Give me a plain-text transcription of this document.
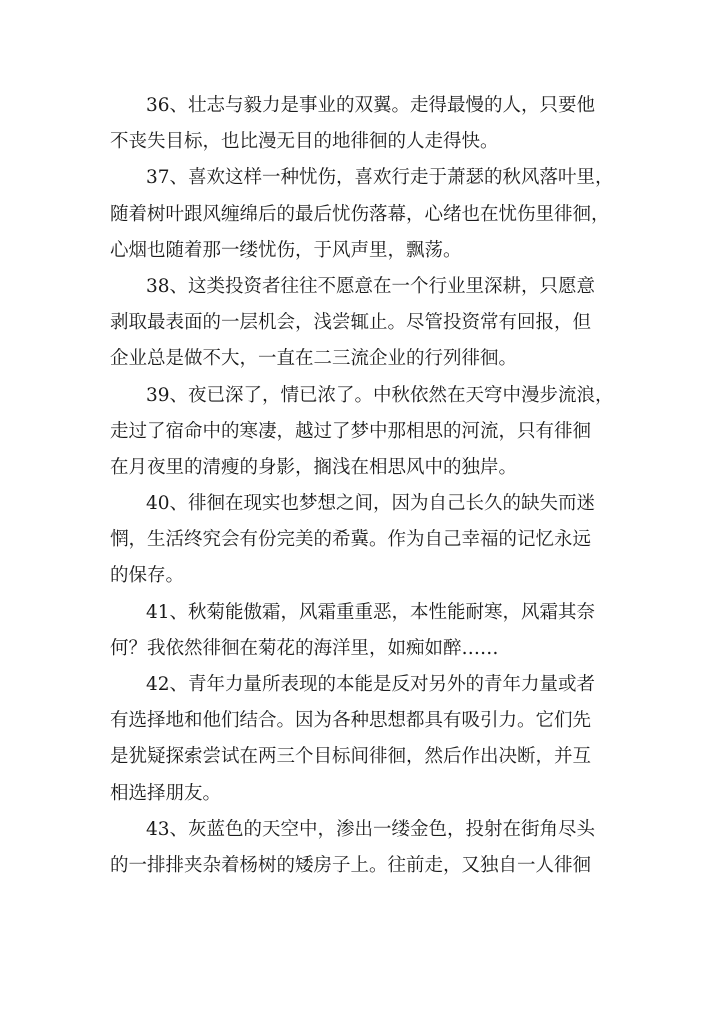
36、壮志与毅力是事业的双翼。走得最慢的人，只要他
不丧失目标，也比漫无目的地徘徊的人走得快。
37、喜欢这样一种忧伤，喜欢行走于萧瑟的秋风落叶里，
随着树叶跟风缠绵后的最后忧伤落幕，心绪也在忧伤里徘徊，
心烟也随着那一缕忧伤，于风声里，飘荡。
38、这类投资者往往不愿意在一个行业里深耕，只愿意
剥取最表面的一层机会，浅尝辄止。尽管投资常有回报，但
企业总是做不大，一直在二三流企业的行列徘徊。
39、夜已深了，情已浓了。中秋依然在天穹中漫步流浪，
走过了宿命中的寒凄，越过了梦中那相思的河流，只有徘徊
在月夜里的清瘦的身影，搁浅在相思风中的独岸。
40、徘徊在现实也梦想之间，因为自己长久的缺失而迷
惘，生活终究会有份完美的希冀。作为自己幸福的记忆永远
的保存。
41、秋菊能傲霜，风霜重重恶，本性能耐寒，风霜其奈
何？我依然徘徊在菊花的海洋里，如痴如醉……
42、青年力量所表现的本能是反对另外的青年力量或者
有选择地和他们结合。因为各种思想都具有吸引力。它们先
是犹疑探索尝试在两三个目标间徘徊，然后作出决断，并互
相选择朋友。
43、灰蓝色的天空中，渗出一缕金色，投射在街角尽头
的一排排夹杂着杨树的矮房子上。往前走，又独自一人徘徊
